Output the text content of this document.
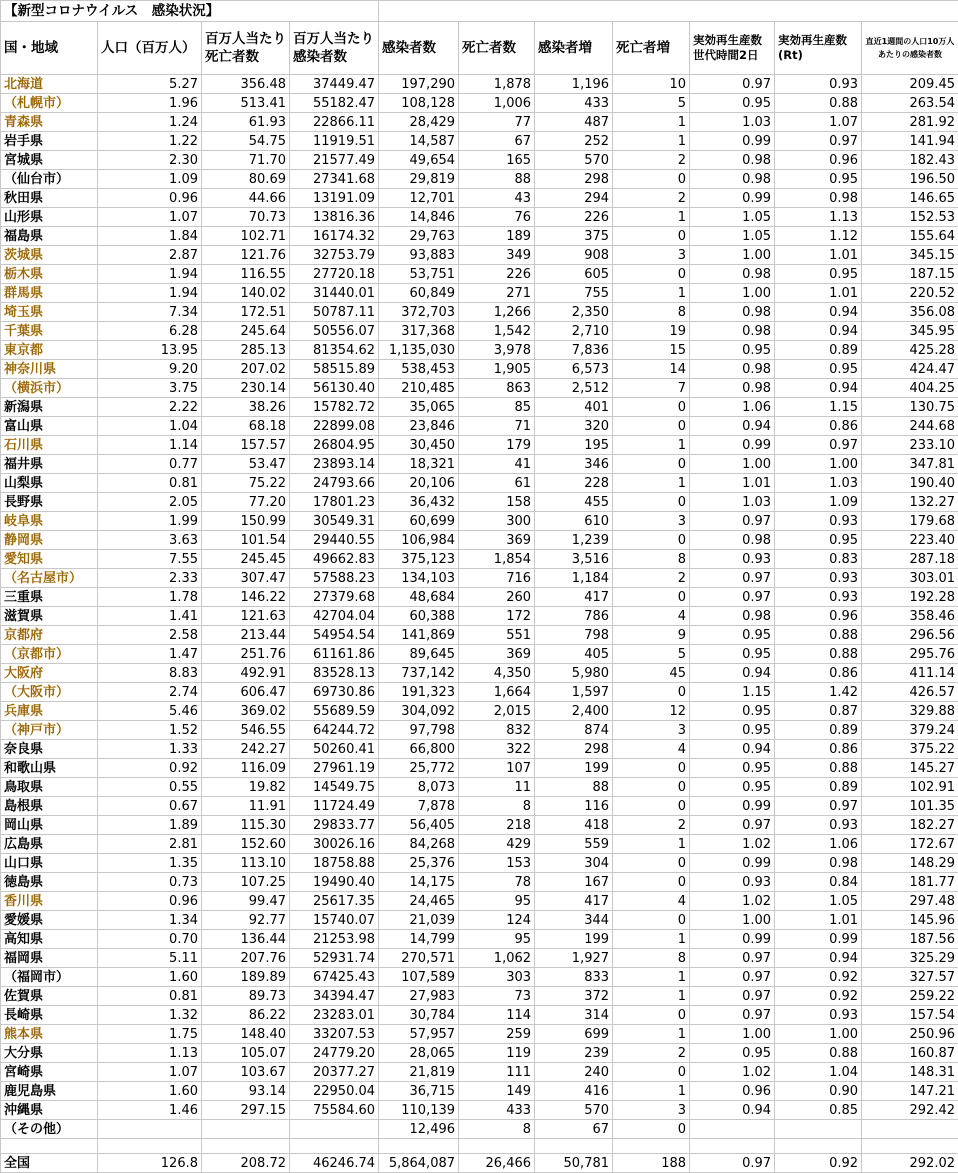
【新型コロナウイルス　感染状況】										
国・地域	人口（百万人）	百万人当たり死亡者数	百万人当たり感染者数	感染者数	死亡者数	感染者増	死亡者増	実効再生産数 世代時間2日	実効再生産数 (Rt)	直近1週間の人口10万人あたりの感染者数
北海道	5.27	356.48	37449.47	197,290	1,878	1,196	10	0.97	0.93	209.45
（札幌市）	1.96	513.41	55182.47	108,128	1,006	433	5	0.95	0.88	263.54
青森県	1.24	61.93	22866.11	28,429	77	487	1	1.03	1.07	281.92
岩手県	1.22	54.75	11919.51	14,587	67	252	1	0.99	0.97	141.94
宮城県	2.30	71.70	21577.49	49,654	165	570	2	0.98	0.96	182.43
（仙台市）	1.09	80.69	27341.68	29,819	88	298	0	0.98	0.95	196.50
秋田県	0.96	44.66	13191.09	12,701	43	294	2	0.99	0.98	146.65
山形県	1.07	70.73	13816.36	14,846	76	226	1	1.05	1.13	152.53
福島県	1.84	102.71	16174.32	29,763	189	375	0	1.05	1.12	155.64
茨城県	2.87	121.76	32753.79	93,883	349	908	3	1.00	1.01	345.15
栃木県	1.94	116.55	27720.18	53,751	226	605	0	0.98	0.95	187.15
群馬県	1.94	140.02	31440.01	60,849	271	755	1	1.00	1.01	220.52
埼玉県	7.34	172.51	50787.11	372,703	1,266	2,350	8	0.98	0.94	356.08
千葉県	6.28	245.64	50556.07	317,368	1,542	2,710	19	0.98	0.94	345.95
東京都	13.95	285.13	81354.62	1,135,030	3,978	7,836	15	0.95	0.89	425.28
神奈川県	9.20	207.02	58515.89	538,453	1,905	6,573	14	0.98	0.95	424.47
（横浜市）	3.75	230.14	56130.40	210,485	863	2,512	7	0.98	0.94	404.25
新潟県	2.22	38.26	15782.72	35,065	85	401	0	1.06	1.15	130.75
富山県	1.04	68.18	22899.08	23,846	71	320	0	0.94	0.86	244.68
石川県	1.14	157.57	26804.95	30,450	179	195	1	0.99	0.97	233.10
福井県	0.77	53.47	23893.14	18,321	41	346	0	1.00	1.00	347.81
山梨県	0.81	75.22	24793.66	20,106	61	228	1	1.01	1.03	190.40
長野県	2.05	77.20	17801.23	36,432	158	455	0	1.03	1.09	132.27
岐阜県	1.99	150.99	30549.31	60,699	300	610	3	0.97	0.93	179.68
静岡県	3.63	101.54	29440.55	106,984	369	1,239	0	0.98	0.95	223.40
愛知県	7.55	245.45	49662.83	375,123	1,854	3,516	8	0.93	0.83	287.18
（名古屋市）	2.33	307.47	57588.23	134,103	716	1,184	2	0.97	0.93	303.01
三重県	1.78	146.22	27379.68	48,684	260	417	0	0.97	0.93	192.28
滋賀県	1.41	121.63	42704.04	60,388	172	786	4	0.98	0.96	358.46
京都府	2.58	213.44	54954.54	141,869	551	798	9	0.95	0.88	296.56
（京都市）	1.47	251.76	61161.86	89,645	369	405	5	0.95	0.88	295.76
大阪府	8.83	492.91	83528.13	737,142	4,350	5,980	45	0.94	0.86	411.14
（大阪市）	2.74	606.47	69730.86	191,323	1,664	1,597	0	1.15	1.42	426.57
兵庫県	5.46	369.02	55689.59	304,092	2,015	2,400	12	0.95	0.87	329.88
（神戸市）	1.52	546.55	64244.72	97,798	832	874	3	0.95	0.89	379.24
奈良県	1.33	242.27	50260.41	66,800	322	298	4	0.94	0.86	375.22
和歌山県	0.92	116.09	27961.19	25,772	107	199	0	0.95	0.88	145.27
鳥取県	0.55	19.82	14549.75	8,073	11	88	0	0.95	0.89	102.91
島根県	0.67	11.91	11724.49	7,878	8	116	0	0.99	0.97	101.35
岡山県	1.89	115.30	29833.77	56,405	218	418	2	0.97	0.93	182.27
広島県	2.81	152.60	30026.16	84,268	429	559	1	1.02	1.06	172.67
山口県	1.35	113.10	18758.88	25,376	153	304	0	0.99	0.98	148.29
徳島県	0.73	107.25	19490.40	14,175	78	167	0	0.93	0.84	181.77
香川県	0.96	99.47	25617.35	24,465	95	417	4	1.02	1.05	297.48
愛媛県	1.34	92.77	15740.07	21,039	124	344	0	1.00	1.01	145.96
高知県	0.70	136.44	21253.98	14,799	95	199	1	0.99	0.99	187.56
福岡県	5.11	207.76	52931.74	270,571	1,062	1,927	8	0.97	0.94	325.29
（福岡市）	1.60	189.89	67425.43	107,589	303	833	1	0.97	0.92	327.57
佐賀県	0.81	89.73	34394.47	27,983	73	372	1	0.97	0.92	259.22
長崎県	1.32	86.22	23283.01	30,784	114	314	0	0.97	0.93	157.54
熊本県	1.75	148.40	33207.53	57,957	259	699	1	1.00	1.00	250.96
大分県	1.13	105.07	24779.20	28,065	119	239	2	0.95	0.88	160.87
宮崎県	1.07	103.67	20377.27	21,819	111	240	0	1.02	1.04	148.31
鹿児島県	1.60	93.14	22950.04	36,715	149	416	1	0.96	0.90	147.21
沖縄県	1.46	297.15	75584.60	110,139	433	570	3	0.94	0.85	292.42
（その他）				12,496	8	67	0			

全国	126.8	208.72	46246.74	5,864,087	26,466	50,781	188	0.97	0.92	292.02
